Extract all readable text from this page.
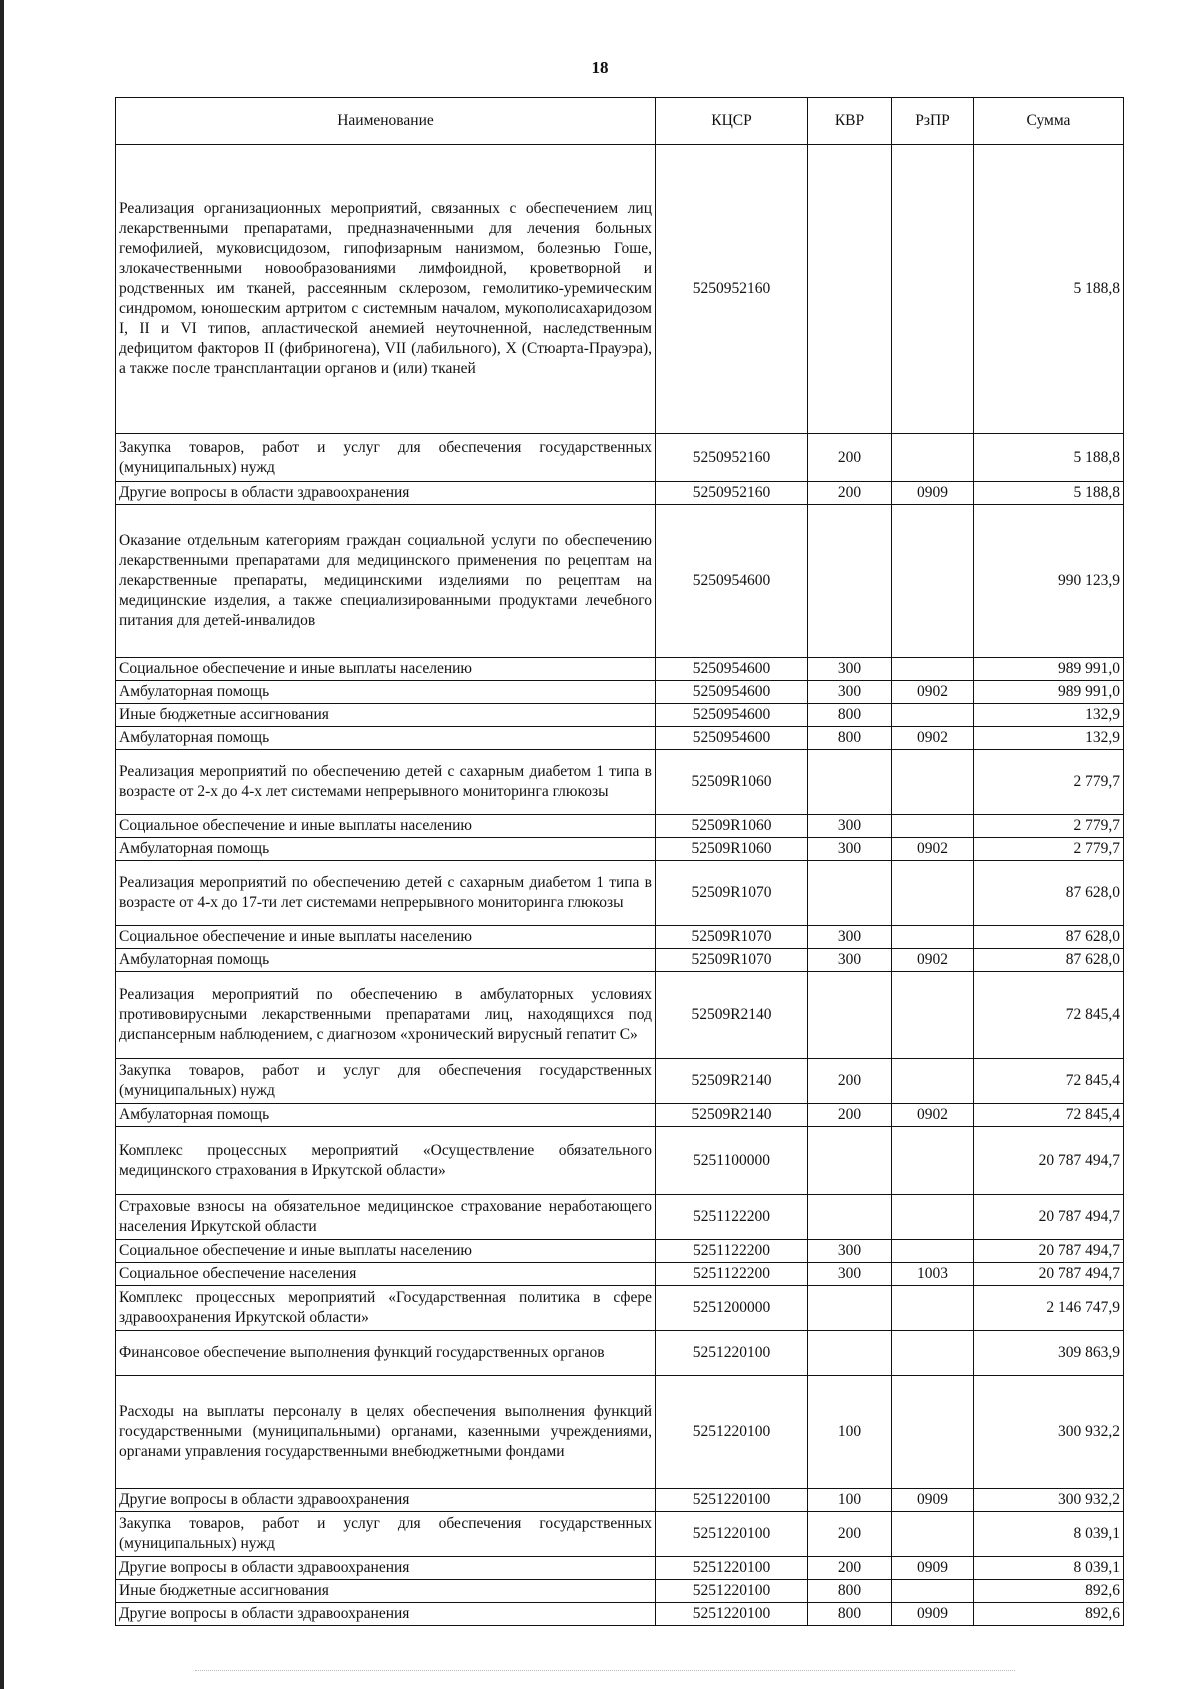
18
Наименование	КЦСР	КВР	РзПР	Сумма
Реализация организационных мероприятий, связанных с обеспечением лиц лекарственными препаратами, предназначенными для лечения больных гемофилией, муковисцидозом, гипофизарным нанизмом, болезнью Гоше, злокачественными новообразованиями лимфоидной, кроветворной и родственных им тканей, рассеянным склерозом, гемолитико-уремическим синдромом, юношеским артритом с системным началом, мукополисахаридозом I, II и VI типов, апластической анемией неуточненной, наследственным дефицитом факторов II (фибриногена), VII (лабильного), X (Стюарта-Прауэра), а также после трансплантации органов и (или) тканей	5250952160			5 188,8
Закупка товаров, работ и услуг для обеспечения государственных (муниципальных) нужд	5250952160	200		5 188,8
Другие вопросы в области здравоохранения	5250952160	200	0909	5 188,8
Оказание отдельным категориям граждан социальной услуги по обеспечению лекарственными препаратами для медицинского применения по рецептам на лекарственные препараты, медицинскими изделиями по рецептам на медицинские изделия, а также специализированными продуктами лечебного питания для детей-инвалидов	5250954600			990 123,9
Социальное обеспечение и иные выплаты населению	5250954600	300		989 991,0
Амбулаторная помощь	5250954600	300	0902	989 991,0
Иные бюджетные ассигнования	5250954600	800		132,9
Амбулаторная помощь	5250954600	800	0902	132,9
Реализация мероприятий по обеспечению детей с сахарным диабетом 1 типа в возрасте от 2-х до 4-х лет системами непрерывного мониторинга глюкозы	52509R1060			2 779,7
Социальное обеспечение и иные выплаты населению	52509R1060	300		2 779,7
Амбулаторная помощь	52509R1060	300	0902	2 779,7
Реализация мероприятий по обеспечению детей с сахарным диабетом 1 типа в возрасте от 4-х до 17-ти лет системами непрерывного мониторинга глюкозы	52509R1070			87 628,0
Социальное обеспечение и иные выплаты населению	52509R1070	300		87 628,0
Амбулаторная помощь	52509R1070	300	0902	87 628,0
Реализация мероприятий по обеспечению в амбулаторных условиях противовирусными лекарственными препаратами лиц, находящихся под диспансерным наблюдением, с диагнозом «хронический вирусный гепатит С»	52509R2140			72 845,4
Закупка товаров, работ и услуг для обеспечения государственных (муниципальных) нужд	52509R2140	200		72 845,4
Амбулаторная помощь	52509R2140	200	0902	72 845,4
Комплекс процессных мероприятий «Осуществление обязательного медицинского страхования в Иркутской области»	5251100000			20 787 494,7
Страховые взносы на обязательное медицинское страхование неработающего населения Иркутской области	5251122200			20 787 494,7
Социальное обеспечение и иные выплаты населению	5251122200	300		20 787 494,7
Социальное обеспечение населения	5251122200	300	1003	20 787 494,7
Комплекс процессных мероприятий «Государственная политика в сфере здравоохранения Иркутской области»	5251200000			2 146 747,9
Финансовое обеспечение выполнения функций государственных органов	5251220100			309 863,9
Расходы на выплаты персоналу в целях обеспечения выполнения функций государственными (муниципальными) органами, казенными учреждениями, органами управления государственными внебюджетными фондами	5251220100	100		300 932,2
Другие вопросы в области здравоохранения	5251220100	100	0909	300 932,2
Закупка товаров, работ и услуг для обеспечения государственных (муниципальных) нужд	5251220100	200		8 039,1
Другие вопросы в области здравоохранения	5251220100	200	0909	8 039,1
Иные бюджетные ассигнования	5251220100	800		892,6
Другие вопросы в области здравоохранения	5251220100	800	0909	892,6
